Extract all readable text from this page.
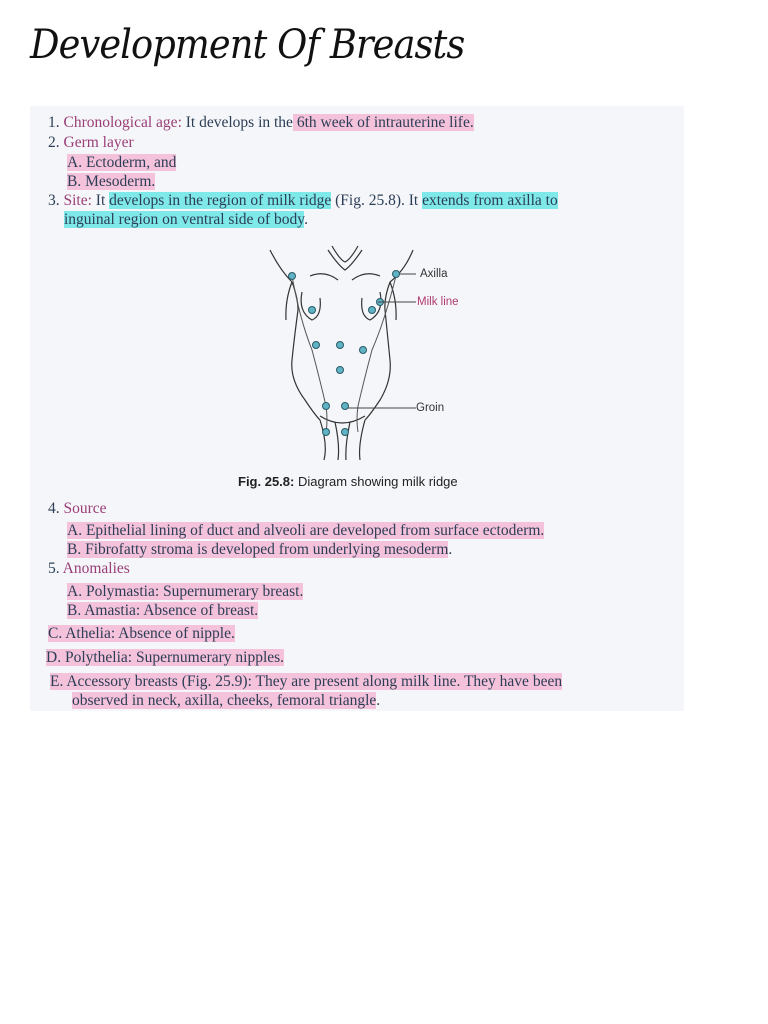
Development Of Breasts
1. Chronological age: It develops in the 6th week of intrauterine life.
2. Germ layer
A. Ectoderm, and
B. Mesoderm.
3. Site: It develops in the region of milk ridge (Fig. 25.8). It extends from axilla to
inguinal region on ventral side of body.
Axilla
Milk line
Groin
Fig. 25.8: Diagram showing milk ridge
4. Source
A. Epithelial lining of duct and alveoli are developed from surface ectoderm.
B. Fibrofatty stroma is developed from underlying mesoderm.
5. Anomalies
A. Polymastia: Supernumerary breast.
B. Amastia: Absence of breast.
C. Athelia: Absence of nipple.
D. Polythelia: Supernumerary nipples.
E. Accessory breasts (Fig. 25.9): They are present along milk line. They have been
observed in neck, axilla, cheeks, femoral triangle.
